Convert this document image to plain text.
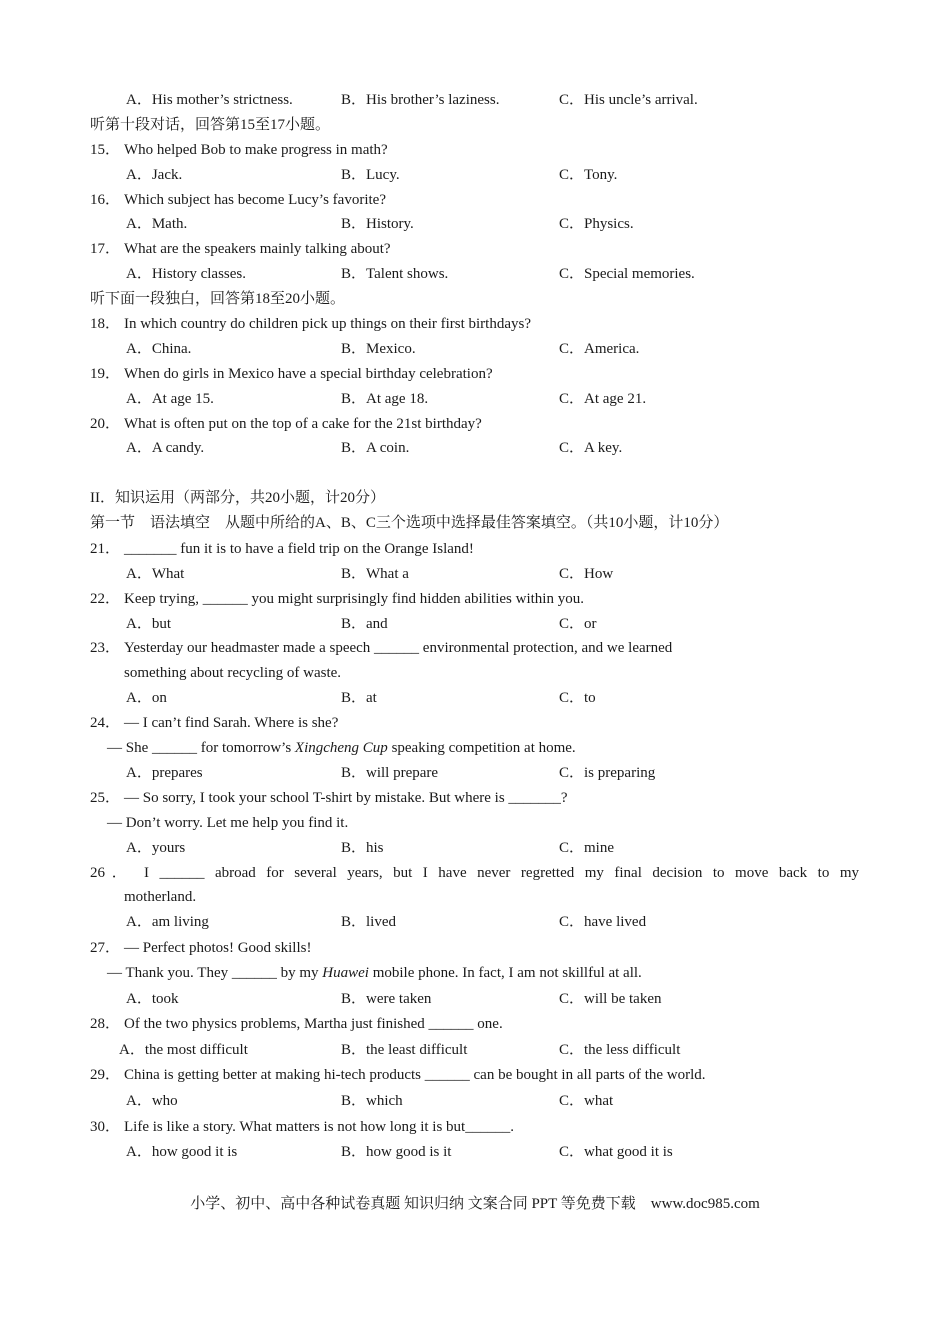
A．His mother’s strictness.	B．His brother’s laziness.	C．His uncle’s arrival.
听第十段对话，回答第15至17小题。
15． Who helped Bob to make progress in math?
A．Jack.	B．Lucy.	C．Tony.
16． Which subject has become Lucy’s favorite?
A．Math.	B．History.	C．Physics.
17． What are the speakers mainly talking about?
A．History classes.	B．Talent shows.	C．Special memories.
听下面一段独白，回答第18至20小题。
18． In which country do children pick up things on their first birthdays?
A．China.	B．Mexico.	C．America.
19． When do girls in Mexico have a special birthday celebration?
A．At age 15.	B．At age 18.	C．At age 21.
20． What is often put on the top of a cake for the 21st birthday?
A．A candy.	B．A coin.	C．A key.
II．知识运用（两部分，共20小题，计20分）
第一节　语法填空　从题中所给的A、B、C三个选项中选择最佳答案填空。（共10小题，计10分）
21． _______ fun it is to have a field trip on the Orange Island!
A．What	B．What a	C．How
22． Keep trying, ______ you might surprisingly find hidden abilities within you.
A．but	B．and	C．or
23． Yesterday our headmaster made a speech ______ environmental protection, and we learned
something about recycling of waste.
A．on	B．at	C．to
24． — I can’t find Sarah. Where is she?
— She ______ for tomorrow’s Xingcheng Cup speaking competition at home.
A．prepares	B．will prepare	C．is preparing
25． — So sorry, I took your school T-shirt by mistake. But where is _______?
— Don’t worry. Let me help you find it.
A．yours	B．his	C．mine
26． I ______ abroad for several years, but I have never regretted my final decision to move back to my
motherland.
A．am living	B．lived	C．have lived
27． — Perfect photos! Good skills!
— Thank you. They ______ by my Huawei mobile phone. In fact, I am not skillful at all.
A．took	B．were taken	C．will be taken
28． Of the two physics problems, Martha just finished ______ one.
A．the most difficult	B．the least difficult	C．the less difficult
29． China is getting better at making hi-tech products ______ can be bought in all parts of the world.
A．who	B．which	C．what
30． Life is like a story. What matters is not how long it is but______.
A．how good it is	B．how good is it	C．what good it is
小学、初中、高中各种试卷真题 知识归纳 文案合同 PPT 等免费下载　www.doc985.com
